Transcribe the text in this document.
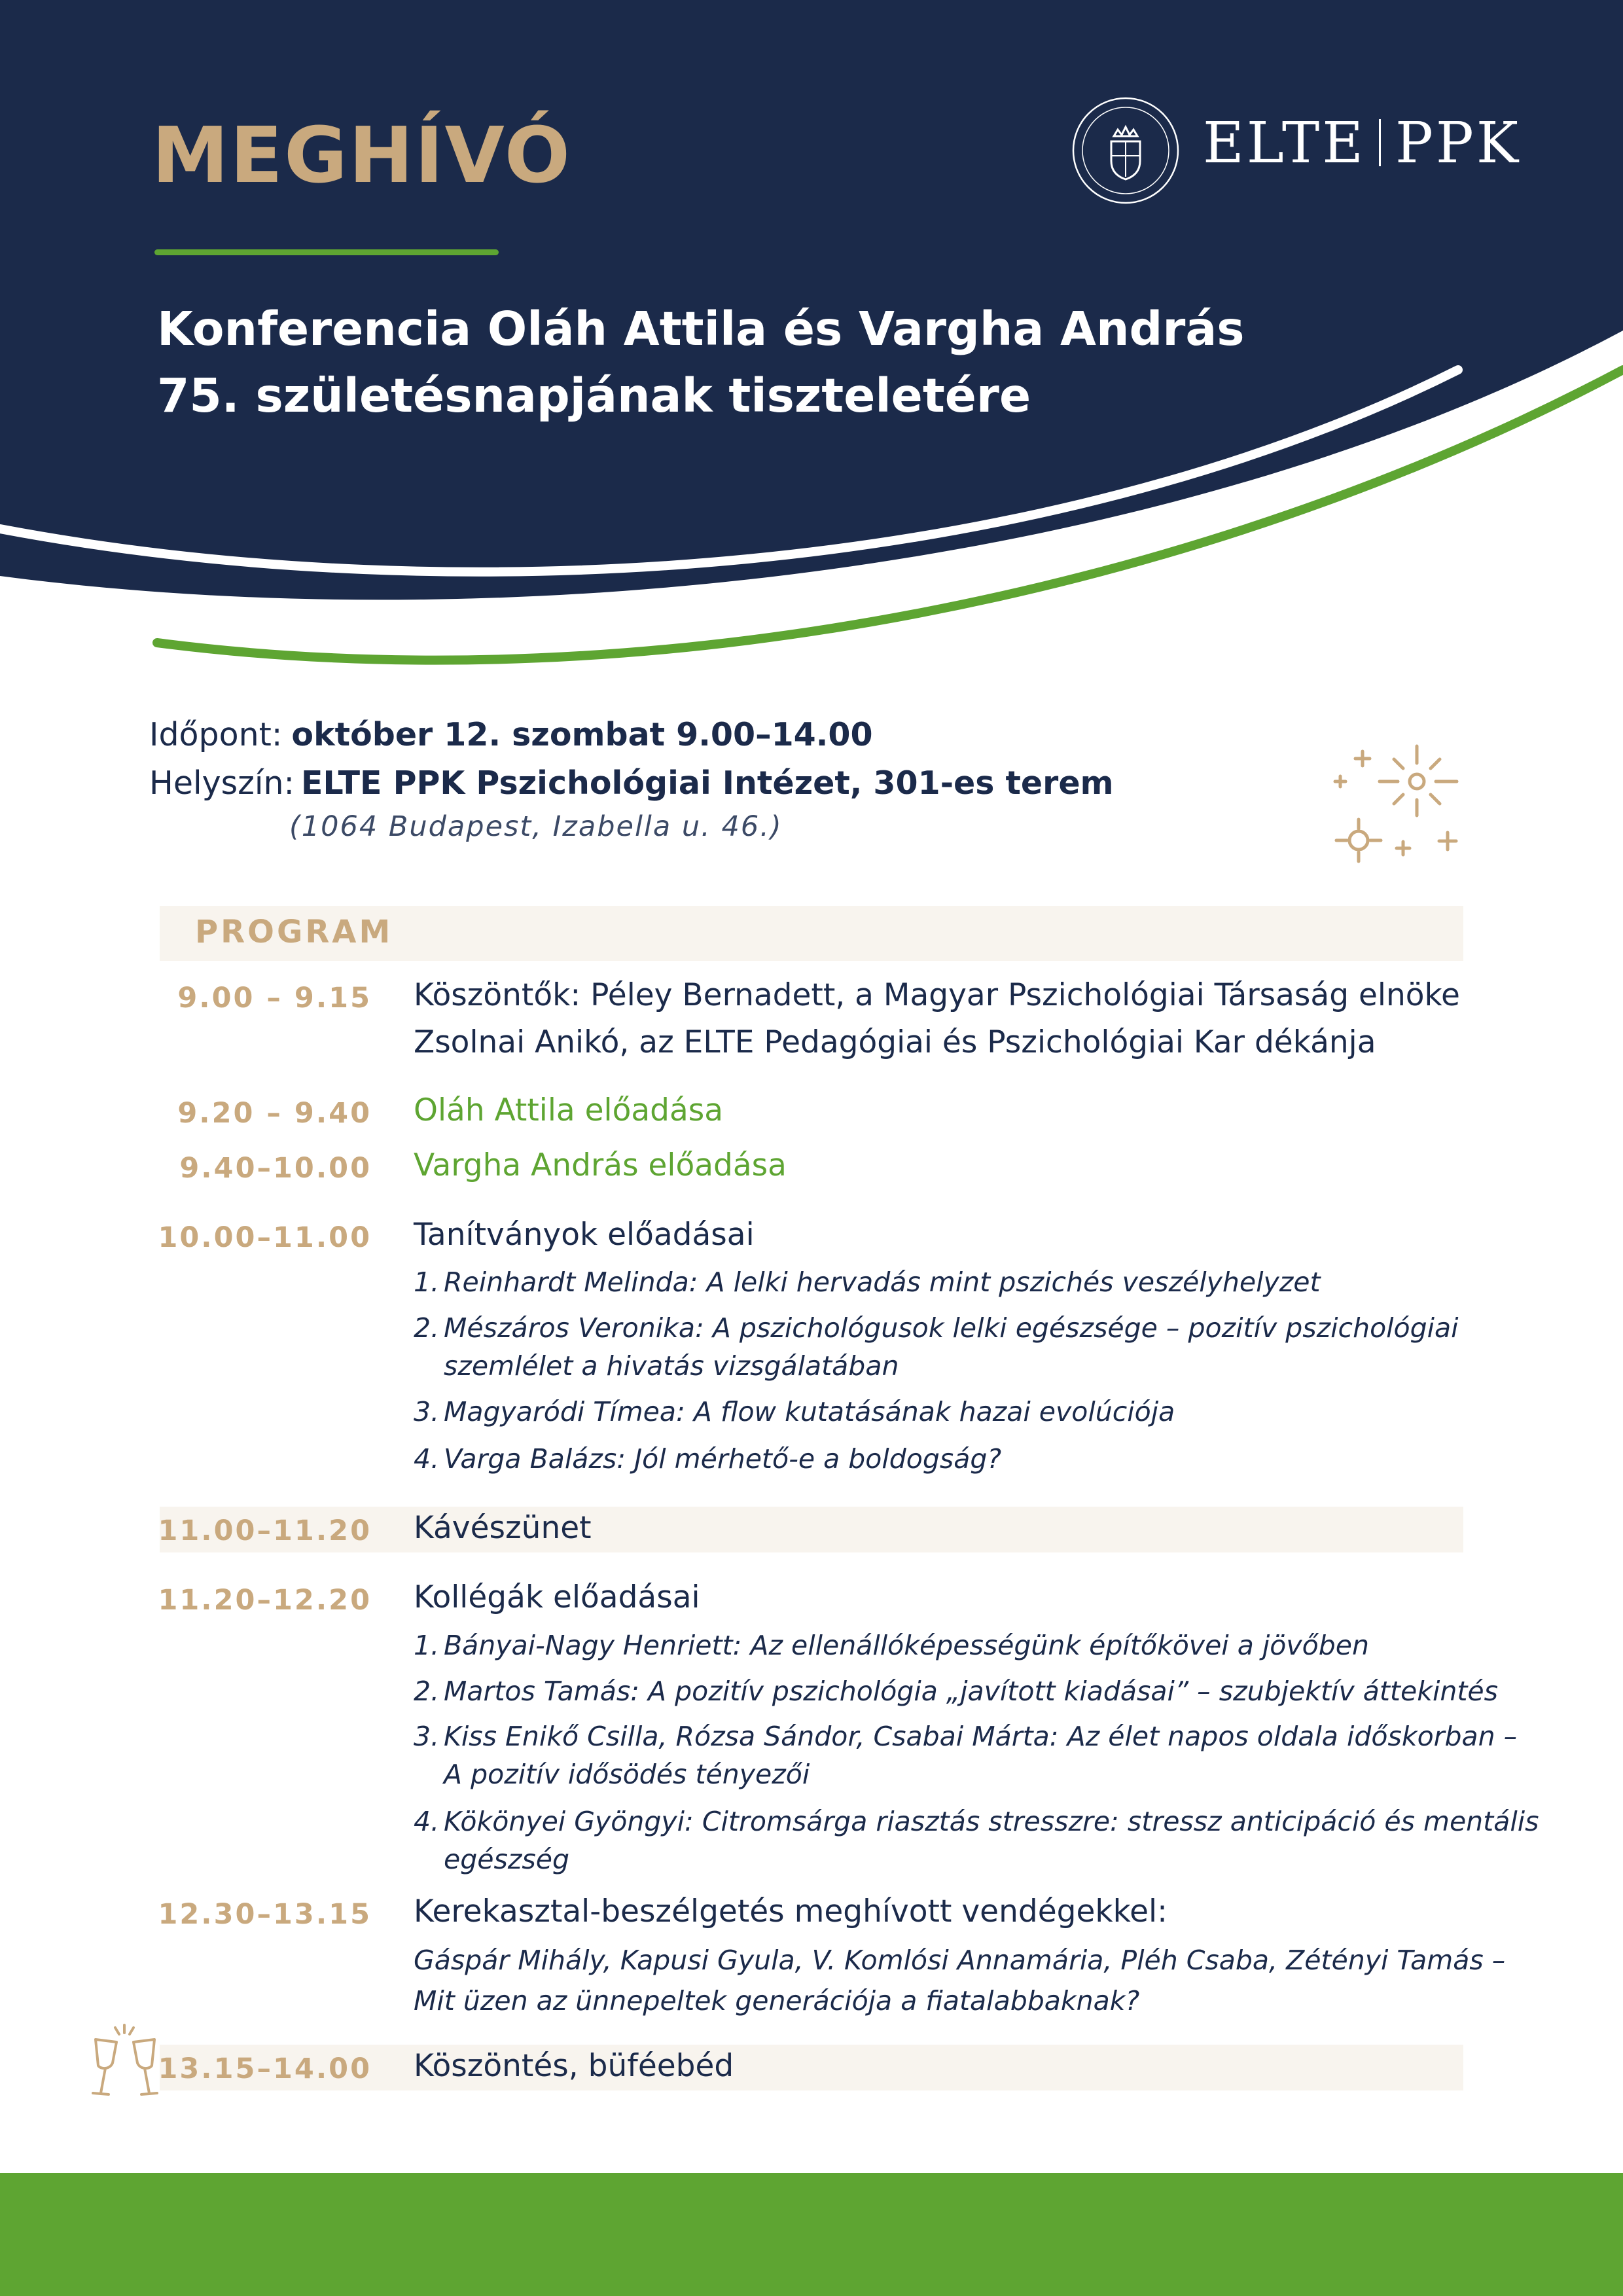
MEGHÍVÓ	ELTE PPK
Konferencia Oláh Attila és Vargha András
75. születésnapjának tiszteletére
Időpont: október 12. szombat 9.00–14.00
Helyszín: ELTE PPK Pszichológiai Intézet, 301-es terem
(1064 Budapest, Izabella u. 46.)
PROGRAM
9.00 – 9.15 Köszöntők: Péley Bernadett, a Magyar Pszichológiai Társaság elnöke
Zsolnai Anikó, az ELTE Pedagógiai és Pszichológiai Kar dékánja
9.20 – 9.40 Oláh Attila előadása
9.40–10.00 Vargha András előadása
10.00–11.00 Tanítványok előadásai
1. Reinhardt Melinda: A lelki hervadás mint pszichés veszélyhelyzet
2. Mészáros Veronika: A pszichológusok lelki egészsége – pozitív pszichológiai
szemlélet a hivatás vizsgálatában
3. Magyaródi Tímea: A flow kutatásának hazai evolúciója
4. Varga Balázs: Jól mérhető-e a boldogság?
11.00–11.20 Kávészünet
11.20–12.20 Kollégák előadásai
1. Bányai-Nagy Henriett: Az ellenállóképességünk építőkövei a jövőben
2. Martos Tamás: A pozitív pszichológia „javított kiadásai” – szubjektív áttekintés
3. Kiss Enikő Csilla, Rózsa Sándor, Csabai Márta: Az élet napos oldala időskorban –
A pozitív idősödés tényezői
4. Kökönyei Gyöngyi: Citromsárga riasztás stresszre: stressz anticipáció és mentális
egészség
12.30–13.15 Kerekasztal-beszélgetés meghívott vendégekkel:
Gáspár Mihály, Kapusi Gyula, V. Komlósi Annamária, Pléh Csaba, Zétényi Tamás –
Mit üzen az ünnepeltek generációja a fiatalabbaknak?
13.15–14.00 Köszöntés, büféebéd
